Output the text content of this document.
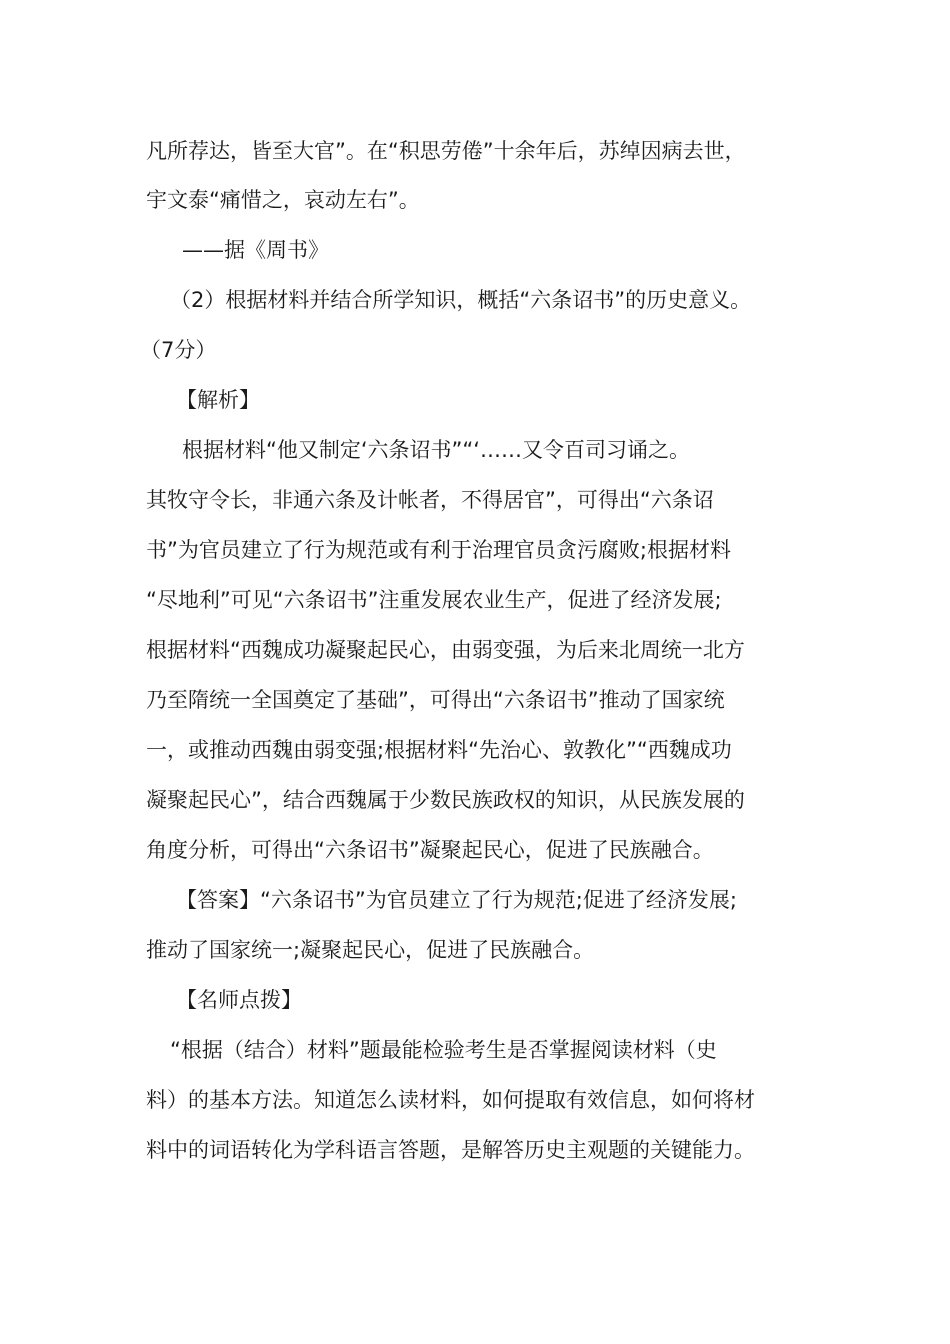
凡所荐达，皆至大官”。在“积思劳倦”十余年后，苏绰因病去世，
宇文泰“痛惜之，哀动左右”。
——据《周书》
（2）根据材料并结合所学知识，概括“六条诏书”的历史意义。
（7分）
【解析】
根据材料“他又制定‘六条诏书”“‘……又令百司习诵之。
其牧守令长，非通六条及计帐者，不得居官”，可得出“六条诏
书”为官员建立了行为规范或有利于治理官员贪污腐败;根据材料
“尽地利”可见“六条诏书”注重发展农业生产，促进了经济发展;
根据材料“西魏成功凝聚起民心，由弱变强，为后来北周统一北方
乃至隋统一全国奠定了基础”，可得出“六条诏书”推动了国家统
一，或推动西魏由弱变强;根据材料“先治心、敦教化”“西魏成功
凝聚起民心”，结合西魏属于少数民族政权的知识，从民族发展的
角度分析，可得出“六条诏书”凝聚起民心，促进了民族融合。
【答案】“六条诏书”为官员建立了行为规范;促进了经济发展;
推动了国家统一;凝聚起民心，促进了民族融合。
【名师点拨】
“根据（结合）材料”题最能检验考生是否掌握阅读材料（史
料）的基本方法。知道怎么读材料，如何提取有效信息，如何将材
料中的词语转化为学科语言答题，是解答历史主观题的关键能力。
